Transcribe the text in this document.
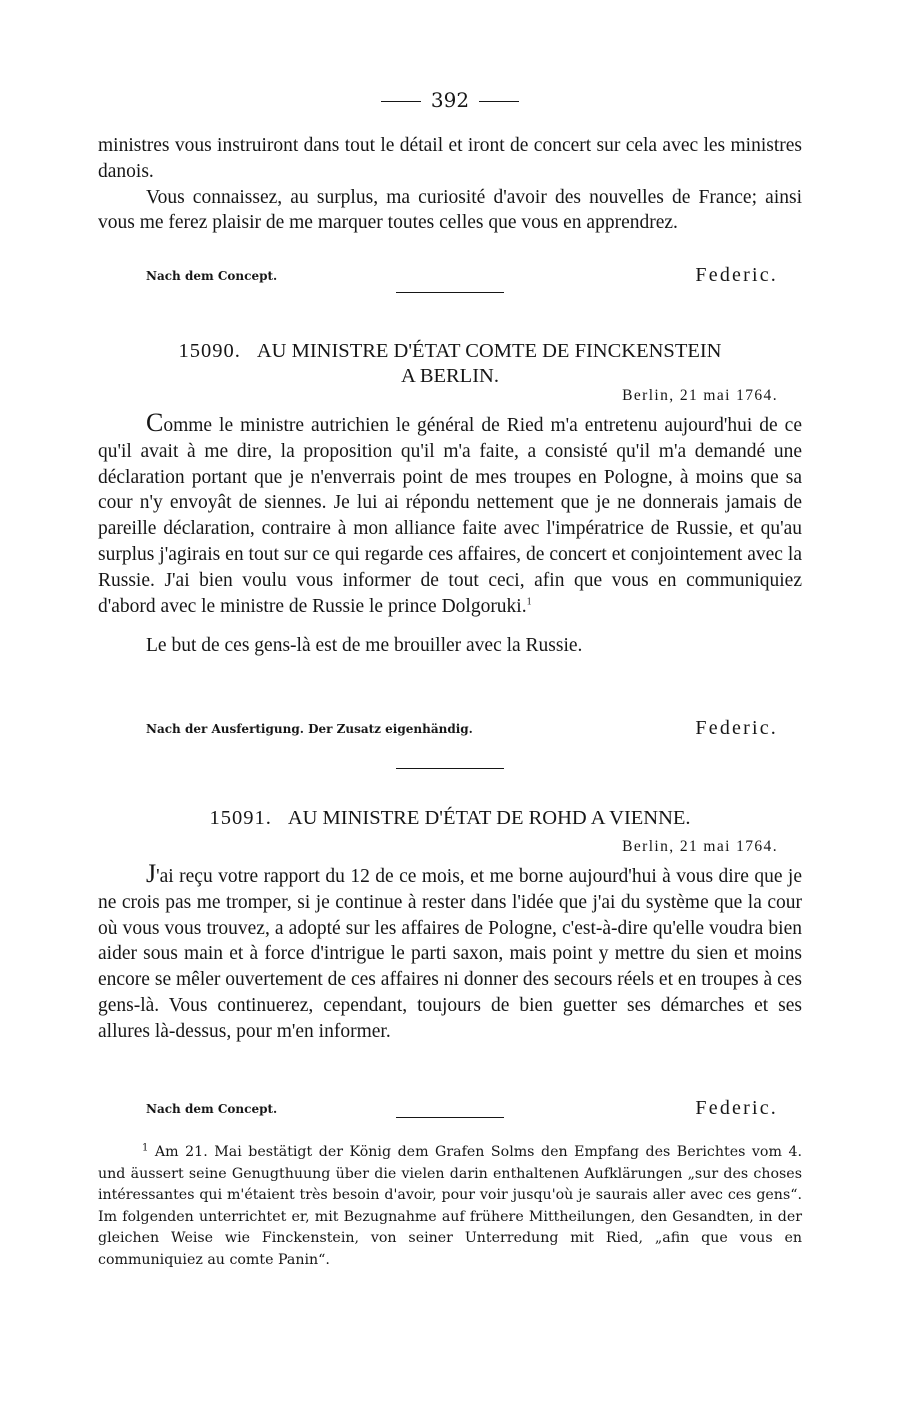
392

ministres vous instruiront dans tout le détail et iront de concert sur cela avec les ministres danois.

Vous connaissez, au surplus, ma curiosité d'avoir des nouvelles de France; ainsi vous me ferez plaisir de me marquer toutes celles que vous en apprendrez.

Nach dem Concept.	Federic.
15090. AU MINISTRE D'ÉTAT COMTE DE FINCKENSTEIN
A BERLIN.
Berlin, 21 mai 1764.

Comme le ministre autrichien le général de Ried m'a entretenu aujourd'hui de ce qu'il avait à me dire, la proposition qu'il m'a faite, a consisté qu'il m'a demandé une déclaration portant que je n'enverrais point de mes troupes en Pologne, à moins que sa cour n'y envoyât de siennes. Je lui ai répondu nettement que je ne donnerais jamais de pareille déclaration, contraire à mon alliance faite avec l'impératrice de Russie, et qu'au surplus j'agirais en tout sur ce qui regarde ces affaires, de concert et conjointement avec la Russie. J'ai bien voulu vous informer de tout ceci, afin que vous en communiquiez d'abord avec le ministre de Russie le prince Dolgoruki.$^1$

Le but de ces gens-là est de me brouiller avec la Russie.

Nach der Ausfertigung. Der Zusatz eigenhändig.	Federic.
15091. AU MINISTRE D'ÉTAT DE ROHD A VIENNE.
Berlin, 21 mai 1764.

J'ai reçu votre rapport du 12 de ce mois, et me borne aujourd'hui à vous dire que je ne crois pas me tromper, si je continue à rester dans l'idée que j'ai du système que la cour où vous vous trouvez, a adopté sur les affaires de Pologne, c'est-à-dire qu'elle voudra bien aider sous main et à force d'intrigue le parti saxon, mais point y mettre du sien et moins encore se mêler ouvertement de ces affaires ni donner des secours réels et en troupes à ces gens-là. Vous continuerez, cependant, toujours de bien guetter ses démarches et ses allures là-dessus, pour m'en informer.

Nach dem Concept.	Federic.

$^1$ Am 21. Mai bestätigt der König dem Grafen Solms den Empfang des Berichtes vom 4. und äussert seine Genugthuung über die vielen darin enthaltenen Aufklärungen „sur des choses intéressantes qui m'étaient très besoin d'avoir, pour voir jusqu'où je saurais aller avec ces gens“. Im folgenden unterrichtet er, mit Bezugnahme auf frühere Mittheilungen, den Gesandten, in der gleichen Weise wie Finckenstein, von seiner Unterredung mit Ried, „afin que vous en communiquiez au comte Panin“.
